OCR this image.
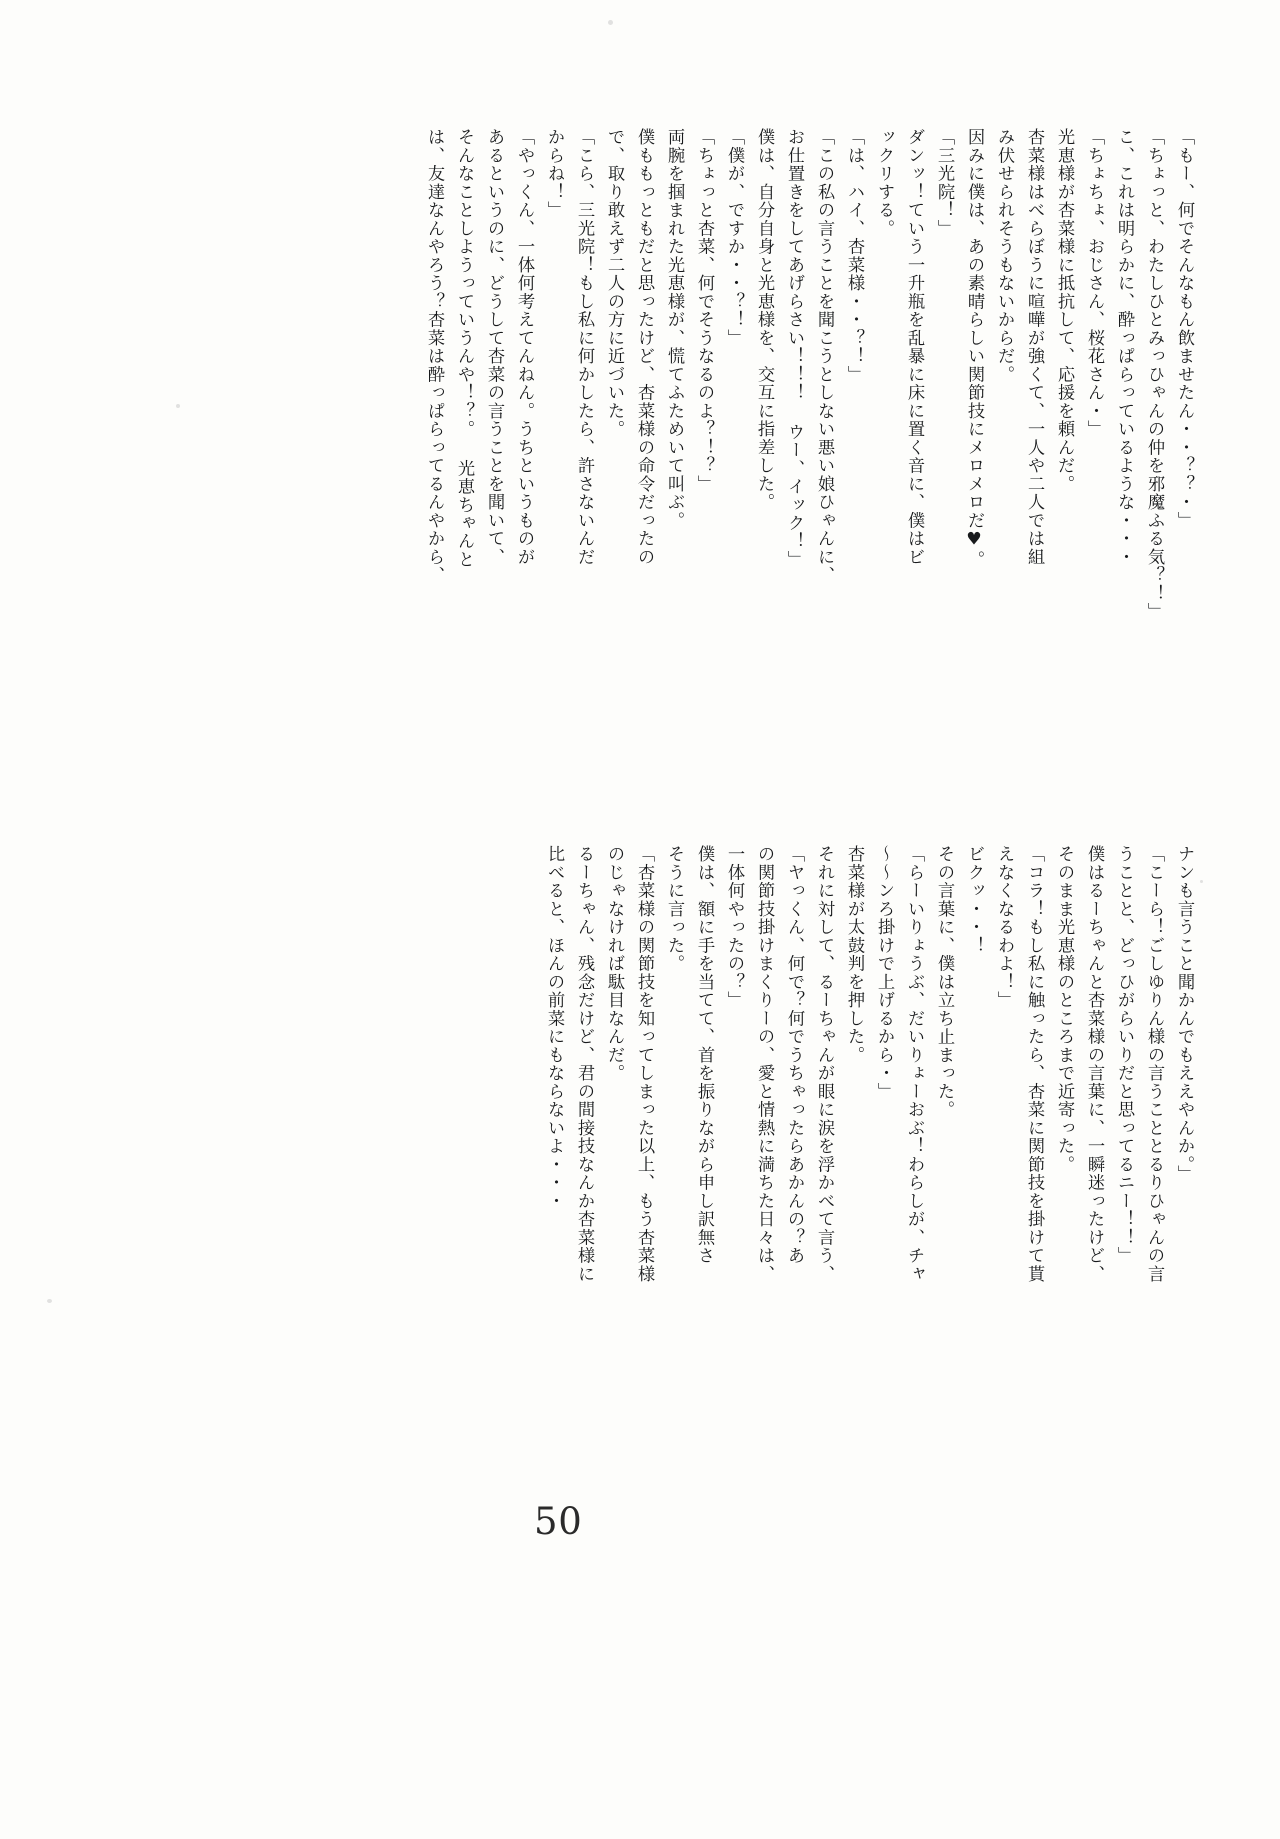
「もー、何でそんなもん飲ませたん・・？？・」
「ちょっと、わたしひとみっひゃんの仲を邪魔ふる気？！」
こ、これは明らかに、酔っぱらっているような・・・
「ちょちょ、おじさん、桜花さん・」
光恵様が杏菜様に抵抗して、応援を頼んだ。
杏菜様はべらぼうに喧嘩が強くて、一人や二人では組
み伏せられそうもないからだ。
因みに僕は、あの素晴らしい関節技にメロメロだ♥。
「三光院！」
ダンッ！ていう一升瓶を乱暴に床に置く音に、僕はビ
ックリする。
「は、ハイ、杏菜様・・？！」
「この私の言うことを聞こうとしない悪い娘ひゃんに、
お仕置きをしてあげらさい！！！ ウー、イック！」
僕は、自分自身と光恵様を、交互に指差した。
「僕が、ですか・・？！」
「ちょっと杏菜、何でそうなるのよ？！？」
両腕を掴まれた光恵様が、慌てふためいて叫ぶ。
僕ももっともだと思ったけど、杏菜様の命令だったの
で、取り敢えず二人の方に近づいた。
「こら、三光院！もし私に何かしたら、許さないんだ
からね！」
「やっくん、一体何考えてんねん。うちというものが
あるというのに、どうして杏菜の言うことを聞いて、
そんなことしようっていうんや！？。 光恵ちゃんと
は、友達なんやろう？杏菜は酔っぱらってるんやから、
ナンも言うこと聞かんでもええやんか。」
「こーら！ごしゆりん様の言うこととるりひゃんの言
うことと、どっひがらいりだと思ってるニー！！」
僕はるーちゃんと杏菜様の言葉に、一瞬迷ったけど、
そのまま光恵様のところまで近寄った。
「コラ！もし私に触ったら、杏菜に関節技を掛けて貰
えなくなるわよ！」
ビクッ・・！
その言葉に、僕は立ち止まった。
「らーいりょうぶ、だいりょーおぶ！わらしが、チャ
〜〜ンろ掛けで上げるから・」
杏菜様が太鼓判を押した。
それに対して、るーちゃんが眼に涙を浮かべて言う、
「ヤっくん、何で？何でうちゃったらあかんの？あ
の関節技掛けまくりーの、愛と情熱に満ちた日々は、
一体何やったの？」
僕は、額に手を当てて、首を振りながら申し訳無さ
そうに言った。
「杏菜様の関節技を知ってしまった以上、もう杏菜様
のじゃなければ駄目なんだ。
るーちゃん、残念だけど、君の間接技なんか杏菜様に
比べると、ほんの前菜にもならないよ・・・
50
